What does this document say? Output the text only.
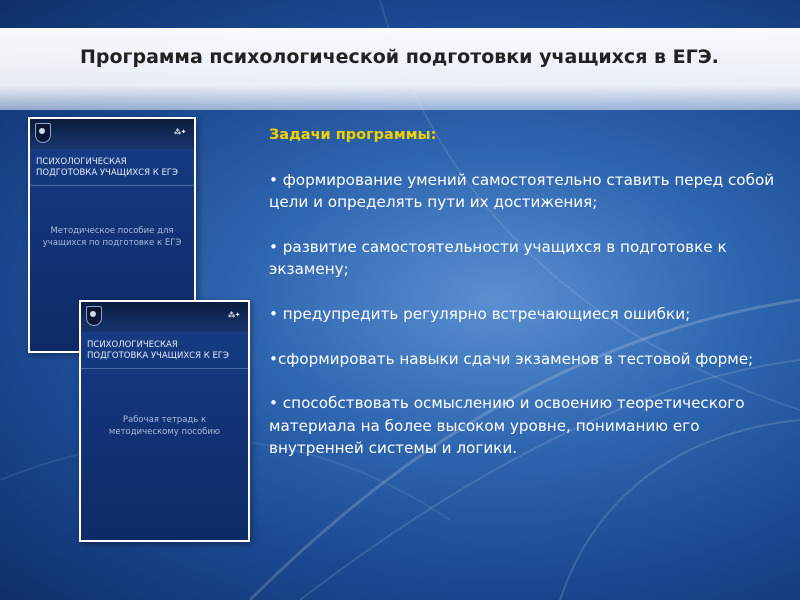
Программа психологической подготовки учащихся в ЕГЭ.
⁂✦
ПСИХОЛОГИЧЕСКАЯ
ПОДГОТОВКА УЧАЩИХСЯ К ЕГЭ
Методическое пособие для учащихся по подготовке к ЕГЭ
⁂✦
ПСИХОЛОГИЧЕСКАЯ
ПОДГОТОВКА УЧАЩИХСЯ К ЕГЭ
Рабочая тетрадь к методическому пособию
Задачи программы:
• формирование умений самостоятельно ставить перед собой цели и определять пути их достижения;
• развитие самостоятельности учащихся в подготовке к экзамену;
• предупредить регулярно встречающиеся ошибки;
•сформировать навыки сдачи экзаменов в тестовой форме;
• способствовать осмыслению и освоению теоретического материала на более высоком уровне, пониманию его внутренней системы и логики.
